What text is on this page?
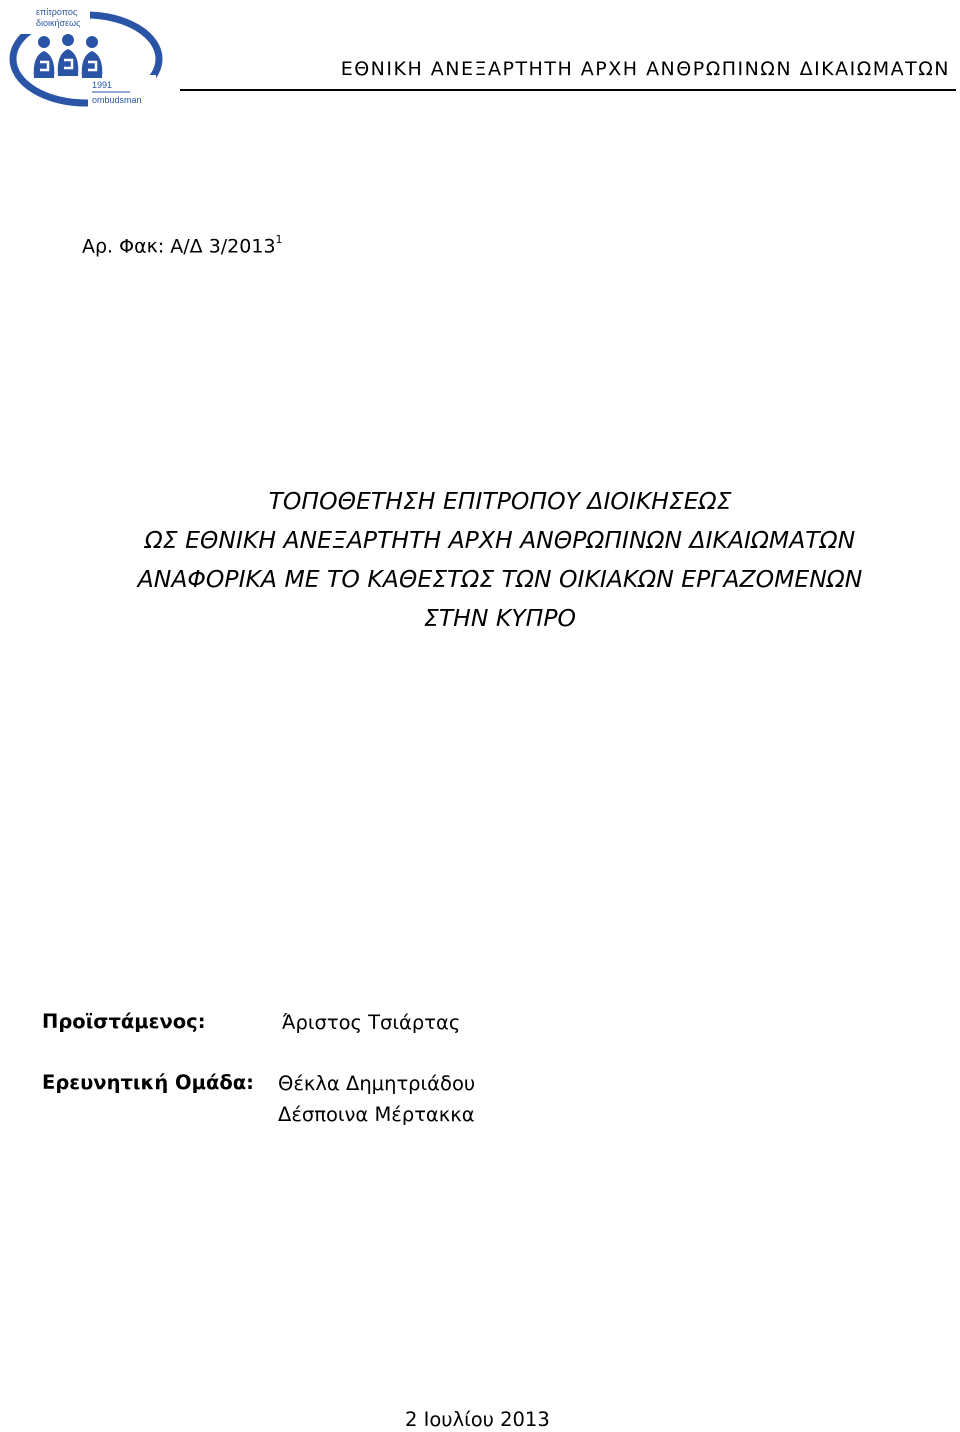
επίτροπος
διοικήσεως
1991
ombudsman
ΕΘΝΙΚΗ ΑΝΕΞΑΡΤΗΤΗ ΑΡΧΗ ΑΝΘΡΩΠΙΝΩΝ ΔΙΚΑΙΩΜΑΤΩΝ
Αρ. Φακ: Α/Δ 3/2013$^1$
ΤΟΠΟΘΕΤΗΣΗ ΕΠΙΤΡΟΠΟΥ ΔΙΟΙΚΗΣΕΩΣ
ΩΣ ΕΘΝΙΚΗ ΑΝΕΞΑΡΤΗΤΗ ΑΡΧΗ ΑΝΘΡΩΠΙΝΩΝ ΔΙΚΑΙΩΜΑΤΩΝ
ΑΝΑΦΟΡΙΚΑ ΜΕ ΤΟ ΚΑΘΕΣΤΩΣ ΤΩΝ ΟΙΚΙΑΚΩΝ ΕΡΓΑΖΟΜΕΝΩΝ
ΣΤΗΝ ΚΥΠΡΟ
Προϊστάμενος:	Άριστος Τσιάρτας
Ερευνητική Ομάδα: Θέκλα Δημητριάδου
Δέσποινα Μέρτακκα
2 Ιουλίου 2013
